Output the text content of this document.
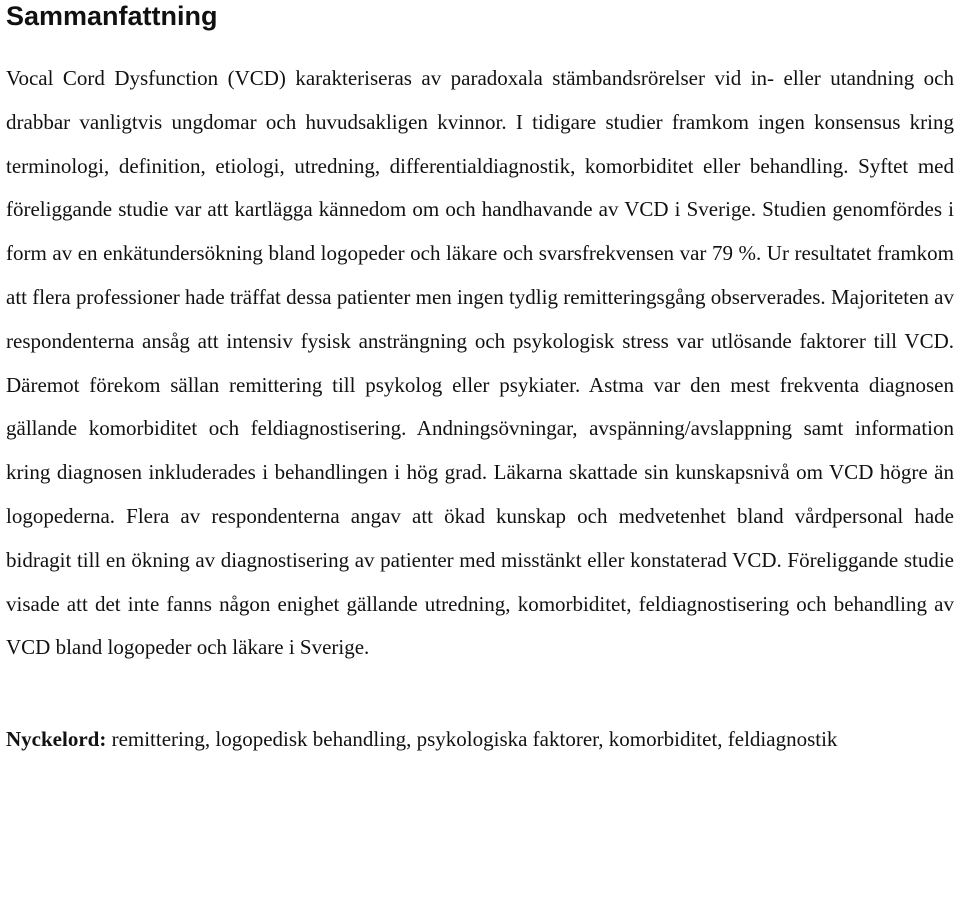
Sammanfattning

Vocal Cord Dysfunction (VCD) karakteriseras av paradoxala stämbandsrörelser vid in- eller utandning och drabbar vanligtvis ungdomar och huvudsakligen kvinnor. I tidigare studier framkom ingen konsensus kring terminologi, definition, etiologi, utredning, differentialdiagnostik, komorbiditet eller behandling. Syftet med föreliggande studie var att kartlägga kännedom om och handhavande av VCD i Sverige. Studien genomfördes i form av en enkätundersökning bland logopeder och läkare och svarsfrekvensen var 79 %. Ur resultatet framkom att flera professioner hade träffat dessa patienter men ingen tydlig remitteringsgång observerades. Majoriteten av respondenterna ansåg att intensiv fysisk ansträngning och psykologisk stress var utlösande faktorer till VCD. Däremot förekom sällan remittering till psykolog eller psykiater. Astma var den mest frekventa diagnosen gällande komorbiditet och feldiagnostisering. Andningsövningar, avspänning/avslappning samt information kring diagnosen inkluderades i behandlingen i hög grad. Läkarna skattade sin kunskapsnivå om VCD högre än logopederna. Flera av respondenterna angav att ökad kunskap och medvetenhet bland vårdpersonal hade bidragit till en ökning av diagnostisering av patienter med misstänkt eller konstaterad VCD. Föreliggande studie visade att det inte fanns någon enighet gällande utredning, komorbiditet, feldiagnostisering och behandling av VCD bland logopeder och läkare i Sverige.

Nyckelord: remittering, logopedisk behandling, psykologiska faktorer, komorbiditet, feldiagnostik
